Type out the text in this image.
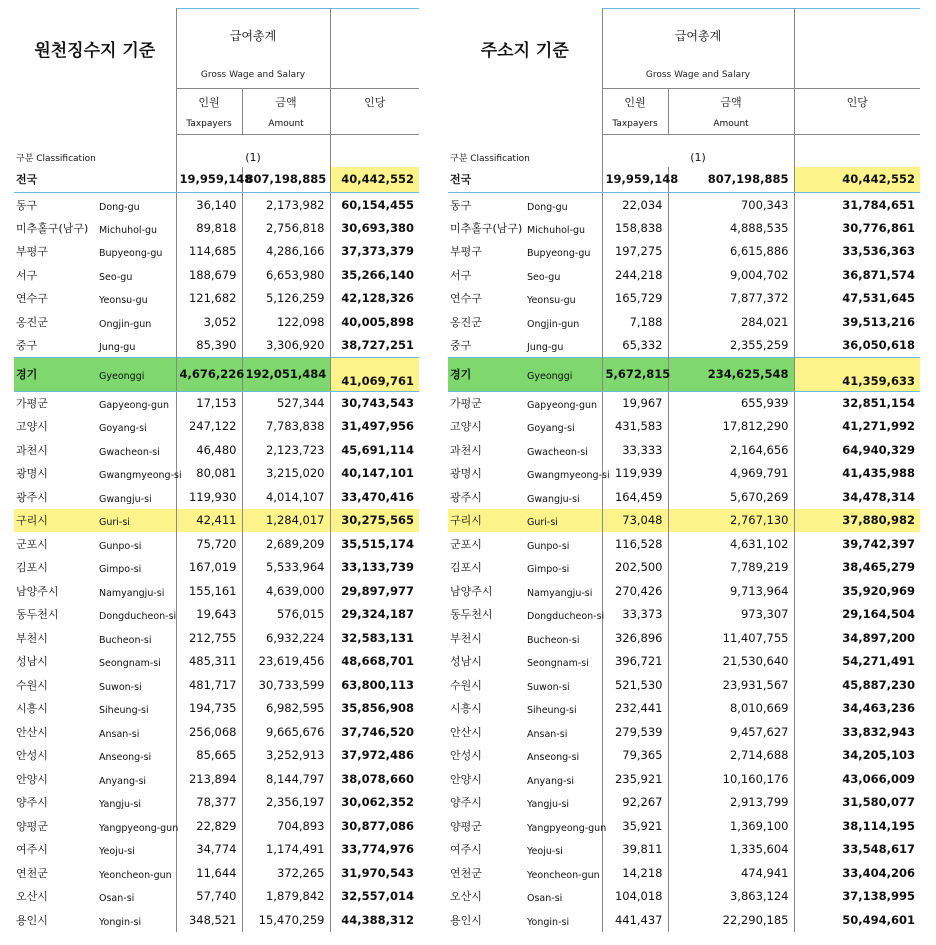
원천징수지 기준		급여총계		
		Gross Wage and Salary		
		인원	금액	인당
		Taxpayers	Amount	
구분 Classification		(1)		
전국		19,959,148	807,198,885	40,442,552
동구	Dong-gu	36,140	2,173,982	60,154,455
미추홀구(남구)	Michuhol-gu	89,818	2,756,818	30,693,380
부평구	Bupyeong-gu	114,685	4,286,166	37,373,379
서구	Seo-gu	188,679	6,653,980	35,266,140
연수구	Yeonsu-gu	121,682	5,126,259	42,128,326
옹진군	Ongjin-gun	3,052	122,098	40,005,898
중구	Jung-gu	85,390	3,306,920	38,727,251
경기	Gyeonggi	4,676,226	192,051,484	41,069,761
가평군	Gapyeong-gun	17,153	527,344	30,743,543
고양시	Goyang-si	247,122	7,783,838	31,497,956
과천시	Gwacheon-si	46,480	2,123,723	45,691,114
광명시	Gwangmyeong-si	80,081	3,215,020	40,147,101
광주시	Gwangju-si	119,930	4,014,107	33,470,416
구리시	Guri-si	42,411	1,284,017	30,275,565
군포시	Gunpo-si	75,720	2,689,209	35,515,174
김포시	Gimpo-si	167,019	5,533,964	33,133,739
남양주시	Namyangju-si	155,161	4,639,000	29,897,977
동두천시	Dongducheon-si	19,643	576,015	29,324,187
부천시	Bucheon-si	212,755	6,932,224	32,583,131
성남시	Seongnam-si	485,311	23,619,456	48,668,701
수원시	Suwon-si	481,717	30,733,599	63,800,113
시흥시	Siheung-si	194,735	6,982,595	35,856,908
안산시	Ansan-si	256,068	9,665,676	37,746,520
안성시	Anseong-si	85,665	3,252,913	37,972,486
안양시	Anyang-si	213,894	8,144,797	38,078,660
양주시	Yangju-si	78,377	2,356,197	30,062,352
양평군	Yangpyeong-gun	22,829	704,893	30,877,086
여주시	Yeoju-si	34,774	1,174,491	33,774,976
연천군	Yeoncheon-gun	11,644	372,265	31,970,543
오산시	Osan-si	57,740	1,879,842	32,557,014
용인시	Yongin-si	348,521	15,470,259	44,388,312
주소지 기준		급여총계		
		Gross Wage and Salary		
		인원	금액	인당
		Taxpayers	Amount	
구분 Classification		(1)		
전국		19,959,148	807,198,885	40,442,552
동구	Dong-gu	22,034	700,343	31,784,651
미추홀구(남구)	Michuhol-gu	158,838	4,888,535	30,776,861
부평구	Bupyeong-gu	197,275	6,615,886	33,536,363
서구	Seo-gu	244,218	9,004,702	36,871,574
연수구	Yeonsu-gu	165,729	7,877,372	47,531,645
옹진군	Ongjin-gun	7,188	284,021	39,513,216
중구	Jung-gu	65,332	2,355,259	36,050,618
경기	Gyeonggi	5,672,815	234,625,548	41,359,633
가평군	Gapyeong-gun	19,967	655,939	32,851,154
고양시	Goyang-si	431,583	17,812,290	41,271,992
과천시	Gwacheon-si	33,333	2,164,656	64,940,329
광명시	Gwangmyeong-si	119,939	4,969,791	41,435,988
광주시	Gwangju-si	164,459	5,670,269	34,478,314
구리시	Guri-si	73,048	2,767,130	37,880,982
군포시	Gunpo-si	116,528	4,631,102	39,742,397
김포시	Gimpo-si	202,500	7,789,219	38,465,279
남양주시	Namyangju-si	270,426	9,713,964	35,920,969
동두천시	Dongducheon-si	33,373	973,307	29,164,504
부천시	Bucheon-si	326,896	11,407,755	34,897,200
성남시	Seongnam-si	396,721	21,530,640	54,271,491
수원시	Suwon-si	521,530	23,931,567	45,887,230
시흥시	Siheung-si	232,441	8,010,669	34,463,236
안산시	Ansan-si	279,539	9,457,627	33,832,943
안성시	Anseong-si	79,365	2,714,688	34,205,103
안양시	Anyang-si	235,921	10,160,176	43,066,009
양주시	Yangju-si	92,267	2,913,799	31,580,077
양평군	Yangpyeong-gun	35,921	1,369,100	38,114,195
여주시	Yeoju-si	39,811	1,335,604	33,548,617
연천군	Yeoncheon-gun	14,218	474,941	33,404,206
오산시	Osan-si	104,018	3,863,124	37,138,995
용인시	Yongin-si	441,437	22,290,185	50,494,601
